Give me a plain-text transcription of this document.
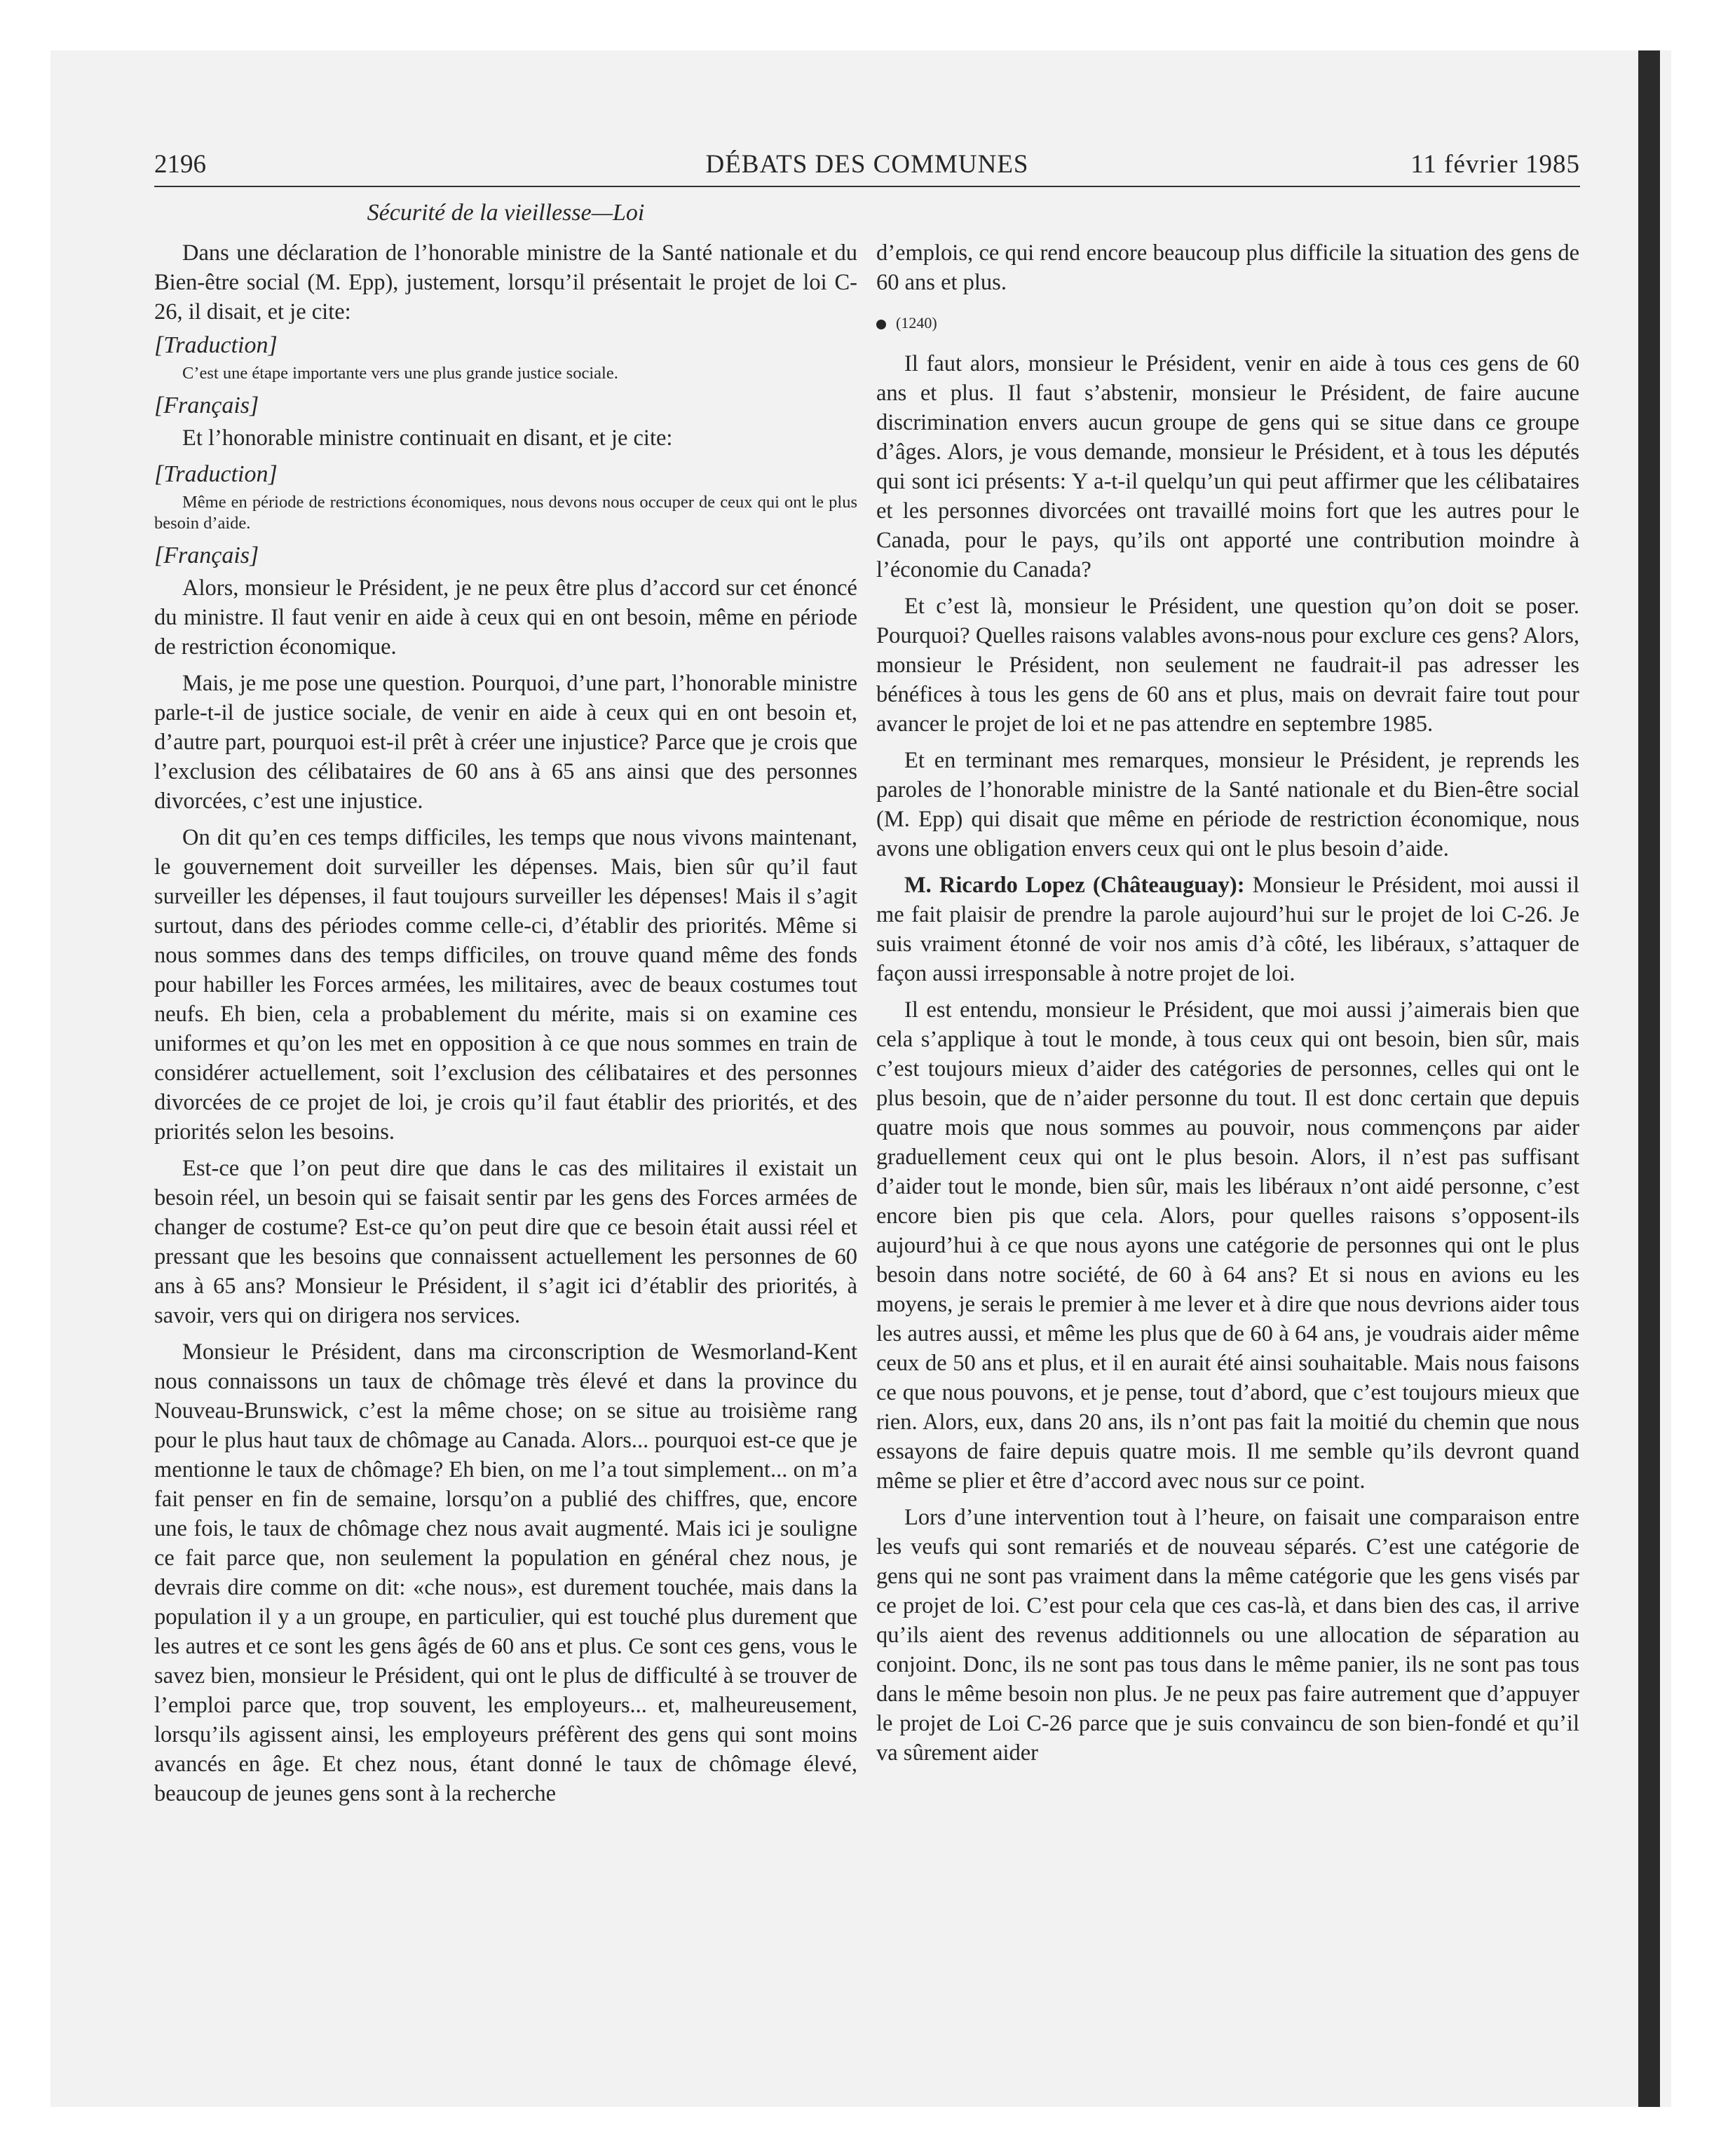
2196	DÉBATS DES COMMUNES	11 février 1985
Sécurité de la vieillesse—Loi

Dans une déclaration de l’honorable ministre de la Santé nationale et du Bien-être social (M. Epp), justement, lorsqu’il présentait le projet de loi C-26, il disait, et je cite:

[Traduction]
C’est une étape importante vers une plus grande justice sociale.
[Français]

Et l’honorable ministre continuait en disant, et je cite:

[Traduction]
Même en période de restrictions économiques, nous devons nous occuper de ceux qui ont le plus besoin d’aide.
[Français]

Alors, monsieur le Président, je ne peux être plus d’accord sur cet énoncé du ministre. Il faut venir en aide à ceux qui en ont besoin, même en période de restriction économique.

Mais, je me pose une question. Pourquoi, d’une part, l’honorable ministre parle-t-il de justice sociale, de venir en aide à ceux qui en ont besoin et, d’autre part, pourquoi est-il prêt à créer une injustice? Parce que je crois que l’exclusion des célibataires de 60 ans à 65 ans ainsi que des personnes divorcées, c’est une injustice.

On dit qu’en ces temps difficiles, les temps que nous vivons maintenant, le gouvernement doit surveiller les dépenses. Mais, bien sûr qu’il faut surveiller les dépenses, il faut toujours surveiller les dépenses! Mais il s’agit surtout, dans des périodes comme celle-ci, d’établir des priorités. Même si nous sommes dans des temps difficiles, on trouve quand même des fonds pour habiller les Forces armées, les militaires, avec de beaux costumes tout neufs. Eh bien, cela a probablement du mérite, mais si on examine ces uniformes et qu’on les met en opposition à ce que nous sommes en train de considérer actuellement, soit l’exclusion des célibataires et des personnes divorcées de ce projet de loi, je crois qu’il faut établir des priorités, et des priorités selon les besoins.

Est-ce que l’on peut dire que dans le cas des militaires il existait un besoin réel, un besoin qui se faisait sentir par les gens des Forces armées de changer de costume? Est-ce qu’on peut dire que ce besoin était aussi réel et pressant que les besoins que connaissent actuellement les personnes de 60 ans à 65 ans? Monsieur le Président, il s’agit ici d’établir des priorités, à savoir, vers qui on dirigera nos services.

Monsieur le Président, dans ma circonscription de Wesmorland-Kent nous connaissons un taux de chômage très élevé et dans la province du Nouveau-Brunswick, c’est la même chose; on se situe au troisième rang pour le plus haut taux de chômage au Canada. Alors... pourquoi est-ce que je mentionne le taux de chômage? Eh bien, on me l’a tout simplement... on m’a fait penser en fin de semaine, lorsqu’on a publié des chiffres, que, encore une fois, le taux de chômage chez nous avait augmenté. Mais ici je souligne ce fait parce que, non seulement la population en général chez nous, je devrais dire comme on dit: «che nous», est durement touchée, mais dans la population il y a un groupe, en particulier, qui est touché plus durement que les autres et ce sont les gens âgés de 60 ans et plus. Ce sont ces gens, vous le savez bien, monsieur le Président, qui ont le plus de difficulté à se trouver de l’emploi parce que, trop souvent, les employeurs... et, malheureusement, lorsqu’ils agissent ainsi, les employeurs préfèrent des gens qui sont moins avancés en âge. Et chez nous, étant donné le taux de chômage élevé, beaucoup de jeunes gens sont à la recherche

d’emplois, ce qui rend encore beaucoup plus difficile la situation des gens de 60 ans et plus.

(1240)

Il faut alors, monsieur le Président, venir en aide à tous ces gens de 60 ans et plus. Il faut s’abstenir, monsieur le Président, de faire aucune discrimination envers aucun groupe de gens qui se situe dans ce groupe d’âges. Alors, je vous demande, monsieur le Président, et à tous les députés qui sont ici présents: Y a-t-il quelqu’un qui peut affirmer que les célibataires et les personnes divorcées ont travaillé moins fort que les autres pour le Canada, pour le pays, qu’ils ont apporté une contribution moindre à l’économie du Canada?

Et c’est là, monsieur le Président, une question qu’on doit se poser. Pourquoi? Quelles raisons valables avons-nous pour exclure ces gens? Alors, monsieur le Président, non seulement ne faudrait-il pas adresser les bénéfices à tous les gens de 60 ans et plus, mais on devrait faire tout pour avancer le projet de loi et ne pas attendre en septembre 1985.

Et en terminant mes remarques, monsieur le Président, je reprends les paroles de l’honorable ministre de la Santé nationale et du Bien-être social (M. Epp) qui disait que même en période de restriction économique, nous avons une obligation envers ceux qui ont le plus besoin d’aide.

M. Ricardo Lopez (Châteauguay): Monsieur le Président, moi aussi il me fait plaisir de prendre la parole aujourd’hui sur le projet de loi C-26. Je suis vraiment étonné de voir nos amis d’à côté, les libéraux, s’attaquer de façon aussi irresponsable à notre projet de loi.

Il est entendu, monsieur le Président, que moi aussi j’aimerais bien que cela s’applique à tout le monde, à tous ceux qui ont besoin, bien sûr, mais c’est toujours mieux d’aider des catégories de personnes, celles qui ont le plus besoin, que de n’aider personne du tout. Il est donc certain que depuis quatre mois que nous sommes au pouvoir, nous commençons par aider graduellement ceux qui ont le plus besoin. Alors, il n’est pas suffisant d’aider tout le monde, bien sûr, mais les libéraux n’ont aidé personne, c’est encore bien pis que cela. Alors, pour quelles raisons s’opposent-ils aujourd’hui à ce que nous ayons une catégorie de personnes qui ont le plus besoin dans notre société, de 60 à 64 ans? Et si nous en avions eu les moyens, je serais le premier à me lever et à dire que nous devrions aider tous les autres aussi, et même les plus que de 60 à 64 ans, je voudrais aider même ceux de 50 ans et plus, et il en aurait été ainsi souhaitable. Mais nous faisons ce que nous pouvons, et je pense, tout d’abord, que c’est toujours mieux que rien. Alors, eux, dans 20 ans, ils n’ont pas fait la moitié du chemin que nous essayons de faire depuis quatre mois. Il me semble qu’ils devront quand même se plier et être d’accord avec nous sur ce point.

Lors d’une intervention tout à l’heure, on faisait une comparaison entre les veufs qui sont remariés et de nouveau séparés. C’est une catégorie de gens qui ne sont pas vraiment dans la même catégorie que les gens visés par ce projet de loi. C’est pour cela que ces cas-là, et dans bien des cas, il arrive qu’ils aient des revenus additionnels ou une allocation de séparation au conjoint. Donc, ils ne sont pas tous dans le même panier, ils ne sont pas tous dans le même besoin non plus. Je ne peux pas faire autrement que d’appuyer le projet de Loi C-26 parce que je suis convaincu de son bien-fondé et qu’il va sûrement aider
